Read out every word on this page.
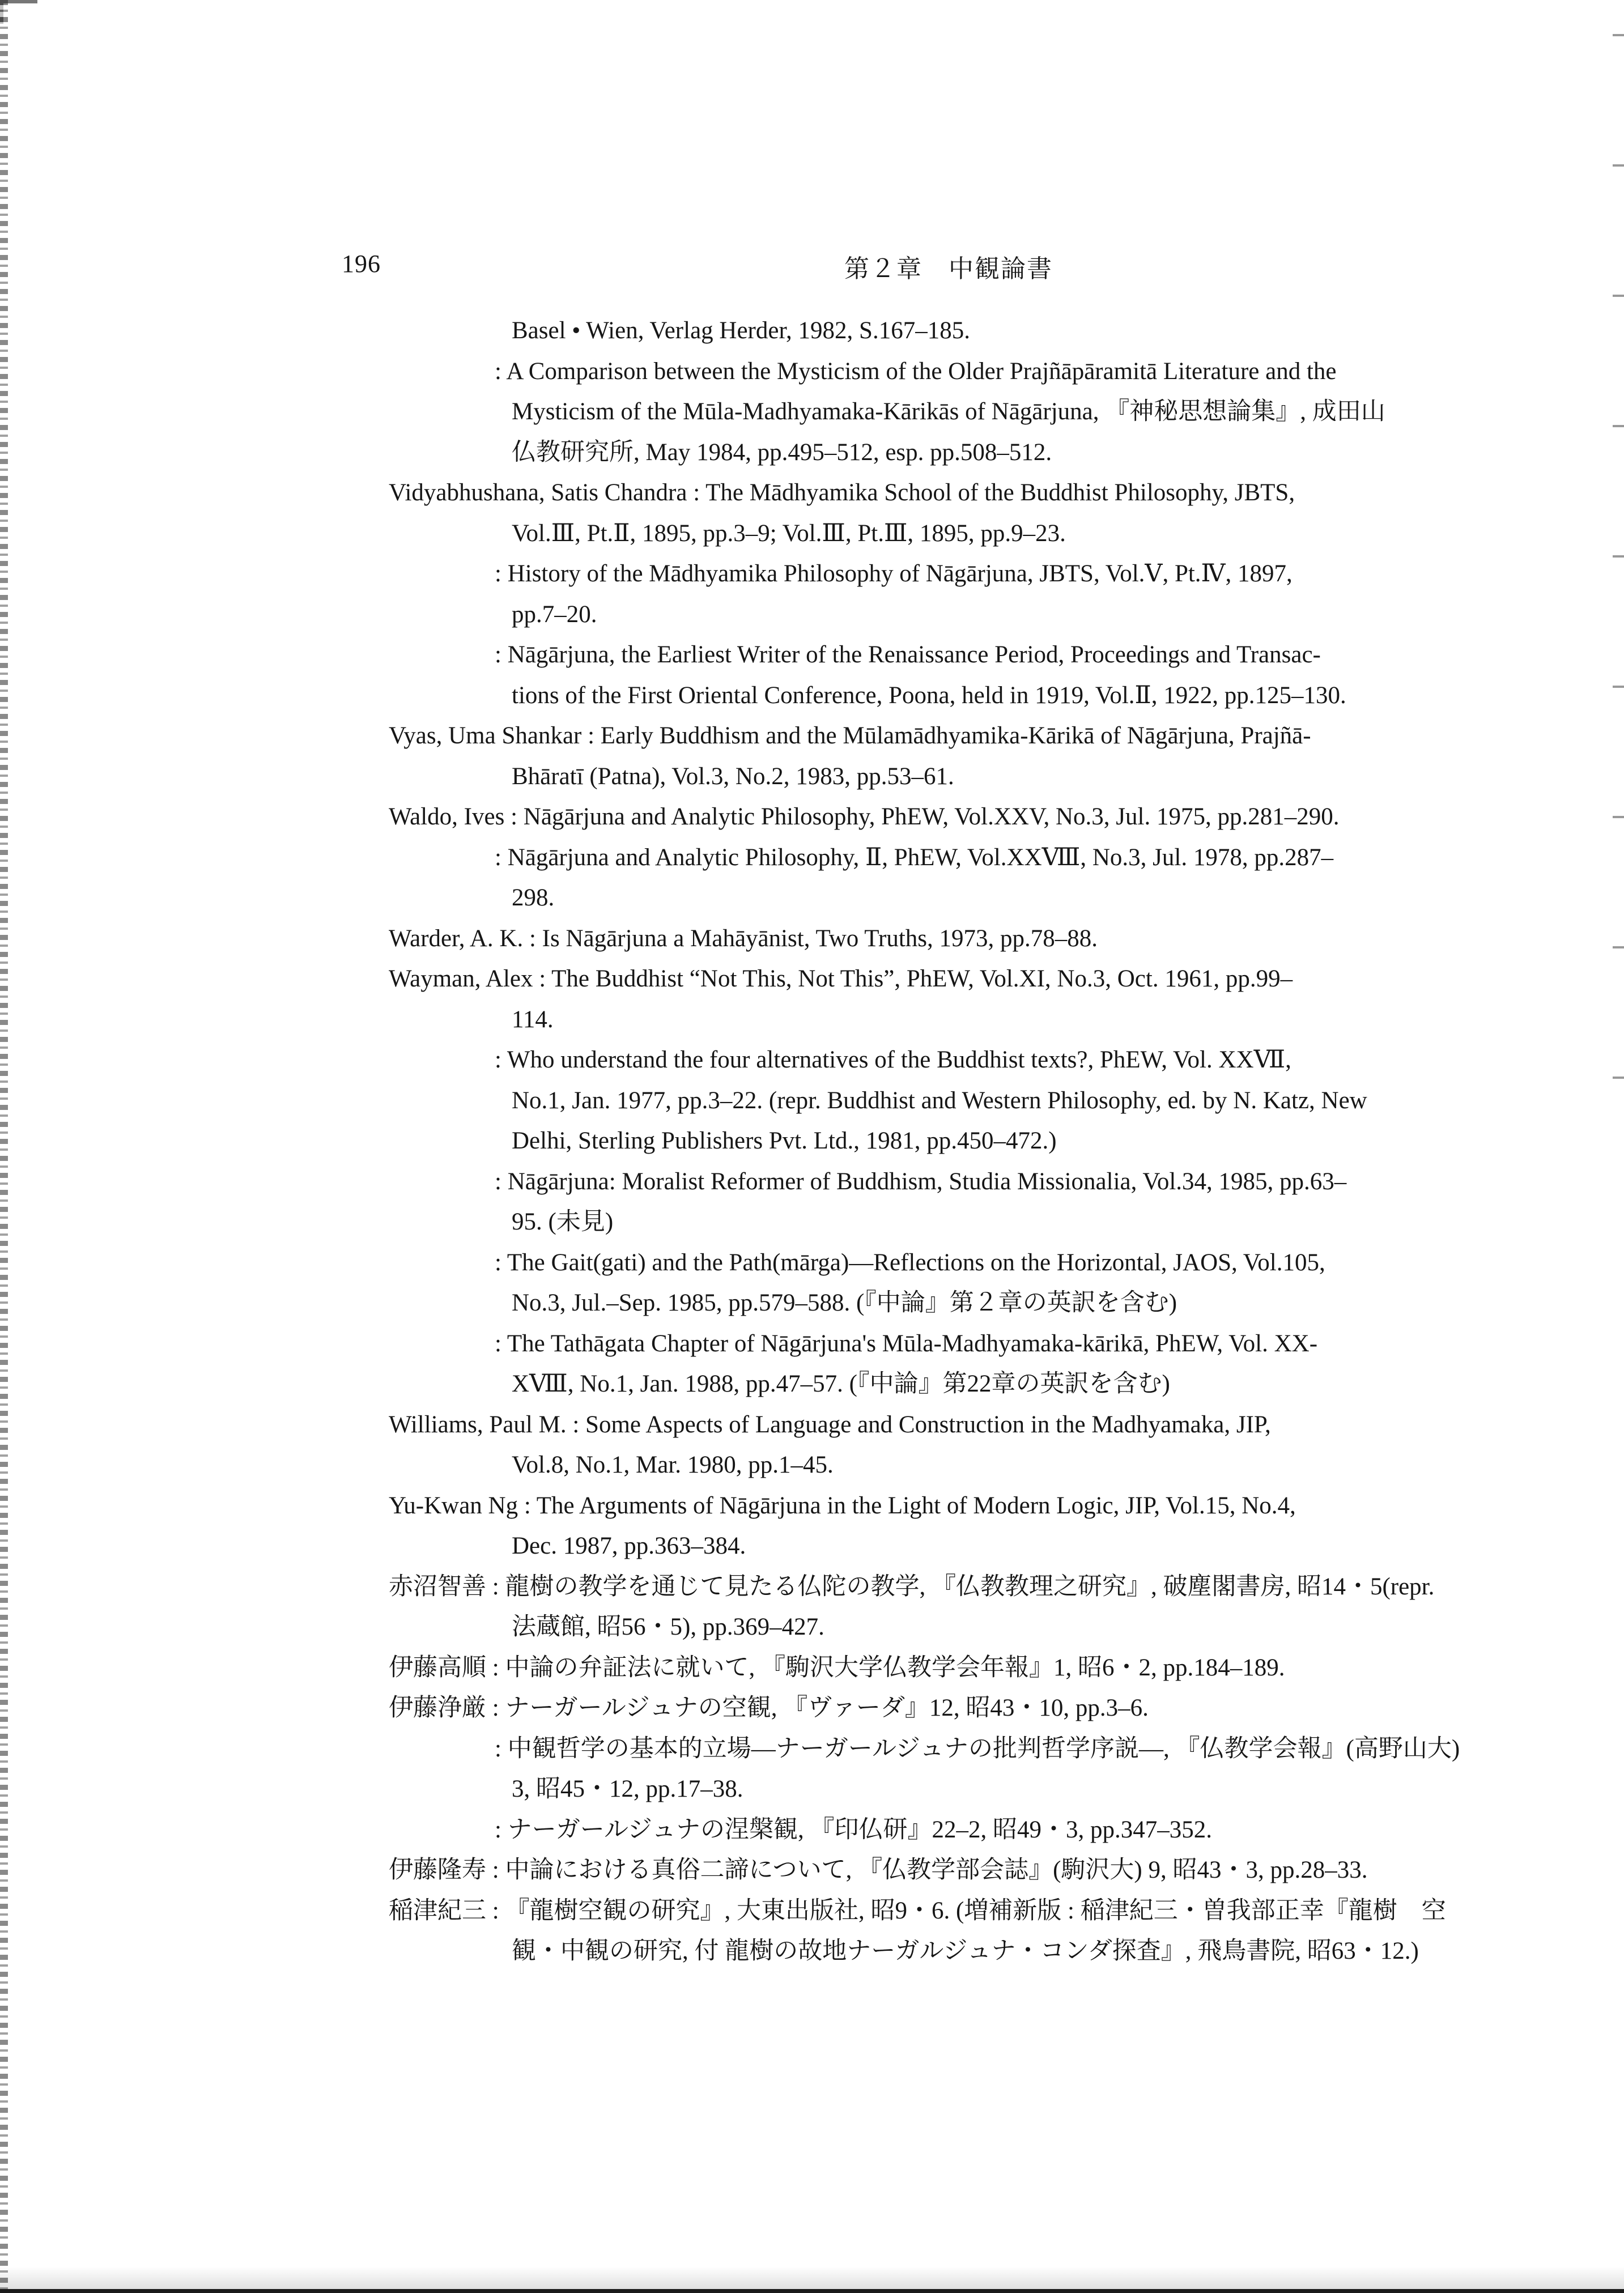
196	第２章　中観論書
Basel • Wien, Verlag Herder, 1982, S.167–185.
: A Comparison between the Mysticism of the Older Prajñāpāramitā Literature and the
Mysticism of the Mūla-Madhyamaka-Kārikās of Nāgārjuna, 『神秘思想論集』, 成田山
仏教研究所, May 1984, pp.495–512, esp. pp.508–512.
Vidyabhushana, Satis Chandra : The Mādhyamika School of the Buddhist Philosophy, JBTS,
Vol.Ⅲ, Pt.Ⅱ, 1895, pp.3–9; Vol.Ⅲ, Pt.Ⅲ, 1895, pp.9–23.
: History of the Mādhyamika Philosophy of Nāgārjuna, JBTS, Vol.Ⅴ, Pt.Ⅳ, 1897,
pp.7–20.
: Nāgārjuna, the Earliest Writer of the Renaissance Period, Proceedings and Transac-
tions of the First Oriental Conference, Poona, held in 1919, Vol.Ⅱ, 1922, pp.125–130.
Vyas, Uma Shankar : Early Buddhism and the Mūlamādhyamika-Kārikā of Nāgārjuna, Prajñā-
Bhāratī (Patna), Vol.3, No.2, 1983, pp.53–61.
Waldo, Ives : Nāgārjuna and Analytic Philosophy, PhEW, Vol.XXV, No.3, Jul. 1975, pp.281–290.
: Nāgārjuna and Analytic Philosophy, Ⅱ, PhEW, Vol.XXⅧ, No.3, Jul. 1978, pp.287–
298.
Warder, A. K. : Is Nāgārjuna a Mahāyānist, Two Truths, 1973, pp.78–88.
Wayman, Alex : The Buddhist “Not This, Not This”, PhEW, Vol.XI, No.3, Oct. 1961, pp.99–
114.
: Who understand the four alternatives of the Buddhist texts?, PhEW, Vol. XXⅦ,
No.1, Jan. 1977, pp.3–22. (repr. Buddhist and Western Philosophy, ed. by N. Katz, New
Delhi, Sterling Publishers Pvt. Ltd., 1981, pp.450–472.)
: Nāgārjuna: Moralist Reformer of Buddhism, Studia Missionalia, Vol.34, 1985, pp.63–
95. (未見)
: The Gait(gati) and the Path(mārga)—Reflections on the Horizontal, JAOS, Vol.105,
No.3, Jul.–Sep. 1985, pp.579–588. (『中論』第２章の英訳を含む)
: The Tathāgata Chapter of Nāgārjuna's Mūla-Madhyamaka-kārikā, PhEW, Vol. XX-
XⅧ, No.1, Jan. 1988, pp.47–57. (『中論』第22章の英訳を含む)
Williams, Paul M. : Some Aspects of Language and Construction in the Madhyamaka, JIP,
Vol.8, No.1, Mar. 1980, pp.1–45.
Yu-Kwan Ng : The Arguments of Nāgārjuna in the Light of Modern Logic, JIP, Vol.15, No.4,
Dec. 1987, pp.363–384.
赤沼智善 : 龍樹の教学を通じて見たる仏陀の教学, 『仏教教理之研究』, 破塵閣書房, 昭14・5(repr.
法蔵館, 昭56・5), pp.369–427.
伊藤高順 : 中論の弁証法に就いて, 『駒沢大学仏教学会年報』1, 昭6・2, pp.184–189.
伊藤浄厳 : ナーガールジュナの空観, 『ヴァーダ』12, 昭43・10, pp.3–6.
: 中観哲学の基本的立場—ナーガールジュナの批判哲学序説—, 『仏教学会報』(高野山大)
3, 昭45・12, pp.17–38.
: ナーガールジュナの涅槃観, 『印仏研』22–2, 昭49・3, pp.347–352.
伊藤隆寿 : 中論における真俗二諦について, 『仏教学部会誌』(駒沢大) 9, 昭43・3, pp.28–33.
稲津紀三 : 『龍樹空観の研究』, 大東出版社, 昭9・6. (増補新版 : 稲津紀三・曽我部正幸『龍樹　空
観・中観の研究, 付 龍樹の故地ナーガルジュナ・コンダ探査』, 飛鳥書院, 昭63・12.)
